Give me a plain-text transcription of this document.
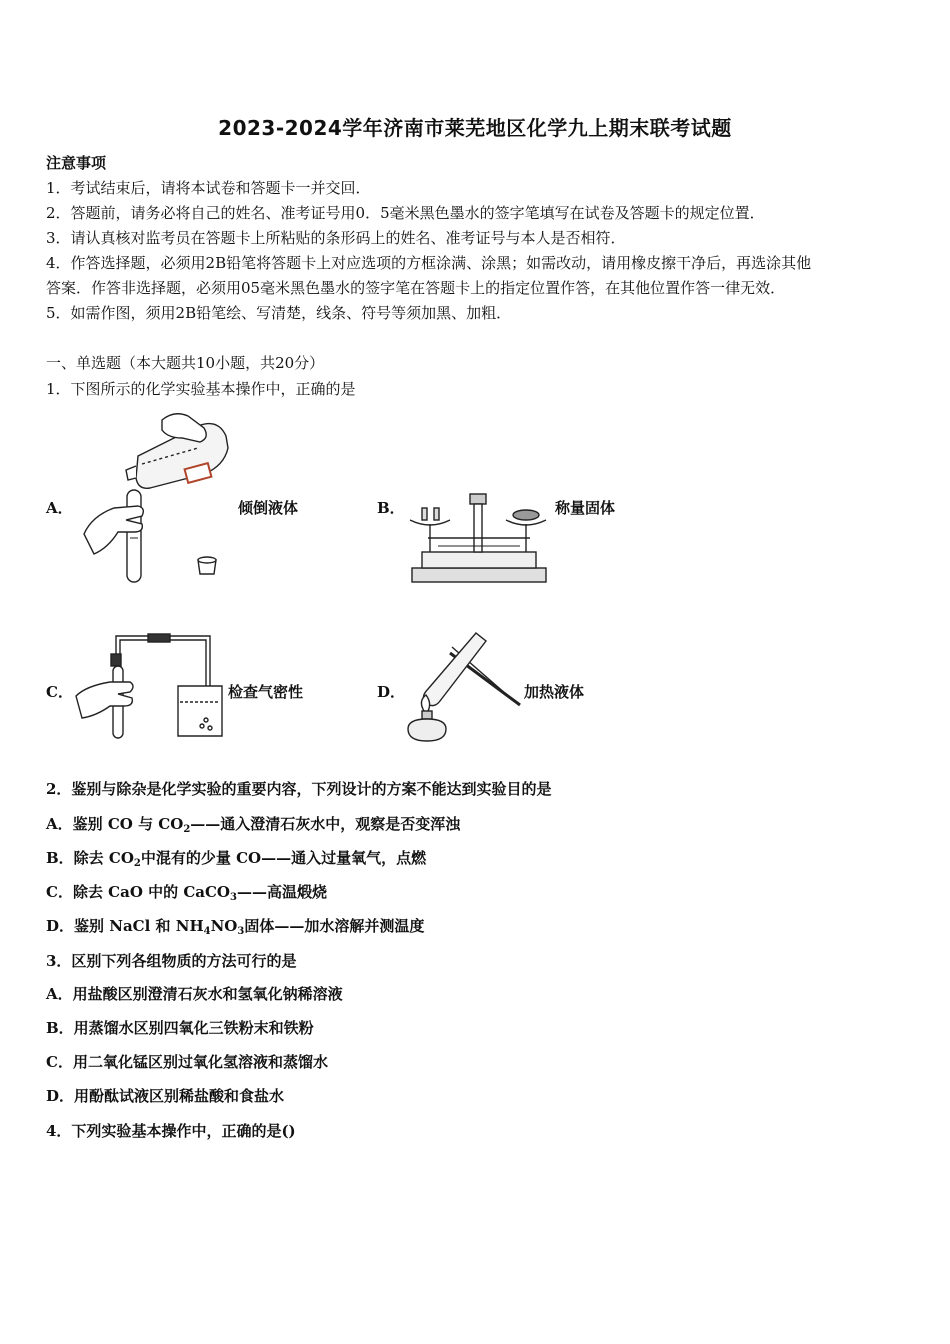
2023-2024学年济南市莱芜地区化学九上期末联考试题
注意事项
1．考试结束后，请将本试卷和答题卡一并交回．
2．答题前，请务必将自己的姓名、准考证号用0．5毫米黑色墨水的签字笔填写在试卷及答题卡的规定位置．
3．请认真核对监考员在答题卡上所粘贴的条形码上的姓名、准考证号与本人是否相符．
4．作答选择题，必须用2B铅笔将答题卡上对应选项的方框涂满、涂黑；如需改动，请用橡皮擦干净后，再选涂其他
答案．作答非选择题，必须用05毫米黑色墨水的签字笔在答题卡上的指定位置作答，在其他位置作答一律无效．
5．如需作图，须用2B铅笔绘、写清楚，线条、符号等须加黑、加粗．
一、单选题（本大题共10小题，共20分）
1．下图所示的化学实验基本操作中，正确的是
A．	倾倒液体	B．	称量固体
C．	检查气密性	D．	加热液体
2．鉴别与除杂是化学实验的重要内容，下列设计的方案不能达到实验目的是
A．鉴别 CO 与 $CO_2——$通入澄清石灰水中，观察是否变浑浊
B．除去 $CO_2$中混有的少量 CO——通入过量氧气，点燃
C．除去 CaO 中的 CaCO$_3$——高温煅烧
D．鉴别 NaCl 和 $NH_4NO_3$固体——加水溶解并测温度
3．区别下列各组物质的方法可行的是
A．用盐酸区别澄清石灰水和氢氧化钠稀溶液
B．用蒸馏水区别四氧化三铁粉末和铁粉
C．用二氧化锰区别过氧化氢溶液和蒸馏水
D．用酚酞试液区别稀盐酸和食盐水
4．下列实验基本操作中，正确的是()
